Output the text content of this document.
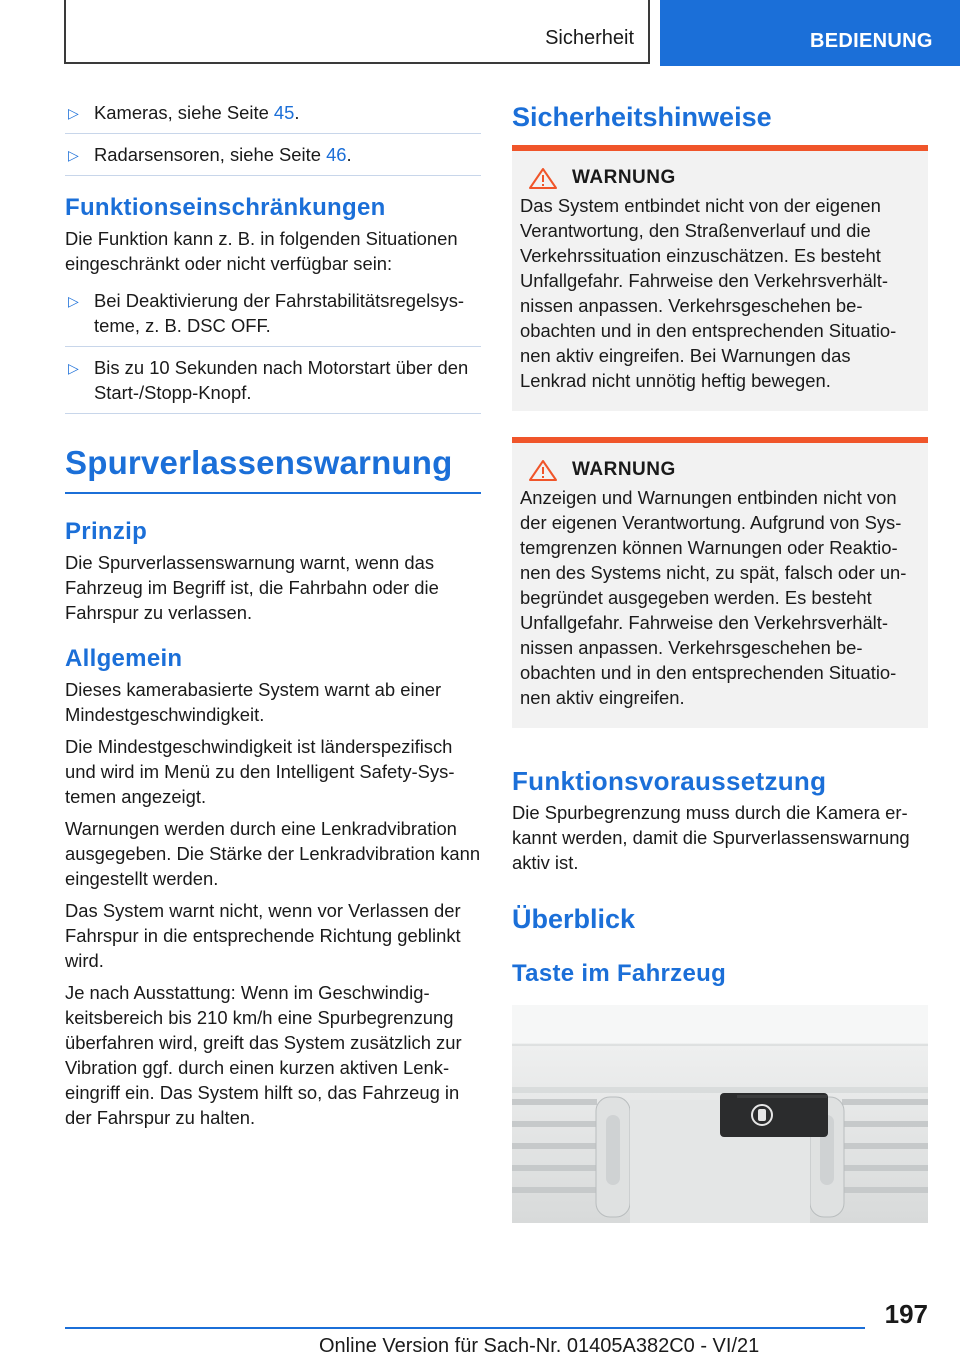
Sicherheit	BEDIENUNG
▷ Kameras, siehe Seite 45.
▷ Radarsensoren, siehe Seite 46.
Funktionseinschränkungen

Die Funktion kann z. B. in folgenden Situationen eingeschränkt oder nicht verfügbar sein:

▷ Bei Deaktivierung der Fahrstabilitätsregelsysteme, z. B. DSC OFF.
▷ Bis zu 10 Sekunden nach Motorstart über den Start-/Stopp-Knopf.
Spurverlassenswarnung
Prinzip

Die Spurverlassenswarnung warnt, wenn das Fahrzeug im Begriff ist, die Fahrbahn oder die Fahrspur zu verlassen.

Allgemein

Dieses kamerabasierte System warnt ab einer Mindestgeschwindigkeit.

Die Mindestgeschwindigkeit ist länderspezifisch und wird im Menü zu den Intelligent Safety-Systemen angezeigt.

Warnungen werden durch eine Lenkradvibration ausgegeben. Die Stärke der Lenkradvibration kann eingestellt werden.

Das System warnt nicht, wenn vor Verlassen der Fahrspur in die entsprechende Richtung geblinkt wird.

Je nach Ausstattung: Wenn im Geschwindigkeitsbereich bis 210 km/h eine Spurbegrenzung überfahren wird, greift das System zusätzlich zur Vibration ggf. durch einen kurzen aktiven Lenkeingriff ein. Das System hilft so, das Fahrzeug in der Fahrspur zu halten.

Sicherheitshinweise
WARNUNG

Das System entbindet nicht von der eigenen Verantwortung, den Straßenverlauf und die Verkehrssituation einzuschätzen. Es besteht Unfallgefahr. Fahrweise den Verkehrsverhältnissen anpassen. Verkehrsgeschehen beobachten und in den entsprechenden Situationen aktiv eingreifen. Bei Warnungen das Lenkrad nicht unnötig heftig bewegen.

WARNUNG

Anzeigen und Warnungen entbinden nicht von der eigenen Verantwortung. Aufgrund von Systemgrenzen können Warnungen oder Reaktionen des Systems nicht, zu spät, falsch oder unbegründet ausgegeben werden. Es besteht Unfallgefahr. Fahrweise den Verkehrsverhältnissen anpassen. Verkehrsgeschehen beobachten und in den entsprechenden Situationen aktiv eingreifen.

Funktionsvoraussetzung

Die Spurbegrenzung muss durch die Kamera erkannt werden, damit die Spurverlassenswarnung aktiv ist.

Überblick
Taste im Fahrzeug
197
Online Version für Sach-Nr. 01405A382C0 - VI/21
